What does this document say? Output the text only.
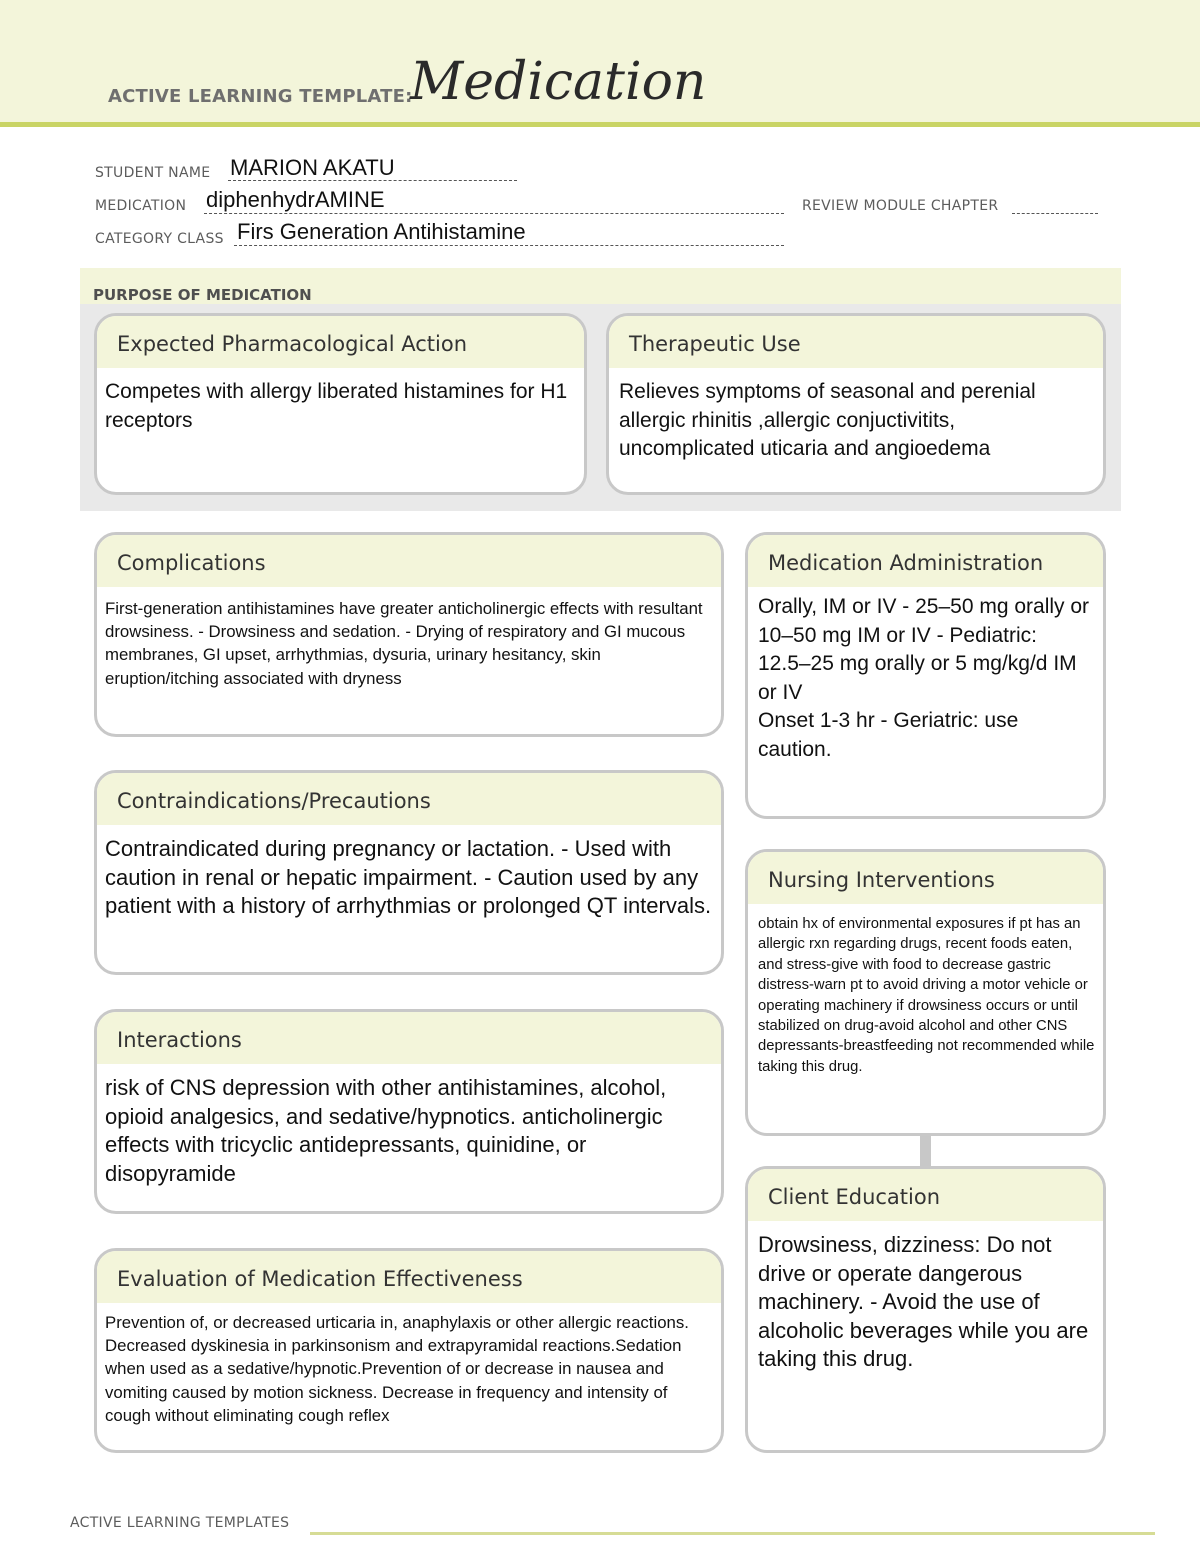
ACTIVE LEARNING TEMPLATE:
Medication
STUDENT NAME MARION AKATU
MEDICATION diphenhydrAMINE	REVIEW MODULE CHAPTER
CATEGORY CLASS Firs Generation Antihistamine
PURPOSE OF MEDICATION
Expected Pharmacological Action
Competes with allergy liberated histamines for H1 receptors
Therapeutic Use
Relieves symptoms of seasonal and perenial allergic rhinitis ,allergic conjuctivitits, uncomplicated uticaria and angioedema
Complications
First-generation antihistamines have greater anticholinergic effects with resultant drowsiness. - Drowsiness and sedation. - Drying of respiratory and GI mucous membranes, GI upset, arrhythmias, dysuria, urinary hesitancy, skin eruption/itching associated with dryness
Contraindications/Precautions
Contraindicated during pregnancy or lactation. - Used with caution in renal or hepatic impairment. - Caution used by any patient with a history of arrhythmias or prolonged QT intervals.
Interactions
risk of CNS depression with other antihistamines, alcohol, opioid analgesics, and sedative/hypnotics. anticholinergic effects with tricyclic antidepressants, quinidine, or disopyramide
Evaluation of Medication Effectiveness
Prevention of, or decreased urticaria in, anaphylaxis or other allergic reactions. Decreased dyskinesia in parkinsonism and extrapyramidal reactions.Sedation when used as a sedative/hypnotic.Prevention of or decrease in nausea and vomiting caused by motion sickness. Decrease in frequency and intensity of cough without eliminating cough reflex
Medication Administration
Orally, IM or IV - 25–50 mg orally or 10–50 mg IM or IV - Pediatric: 12.5–25 mg orally or 5 mg/kg/d IM or IV
Onset 1-3 hr - Geriatric: use caution.
Nursing Interventions
obtain hx of environmental exposures if pt has an allergic rxn regarding drugs, recent foods eaten, and stress-give with food to decrease gastric distress-warn pt to avoid driving a motor vehicle or operating machinery if drowsiness occurs or until stabilized on drug-avoid alcohol and other CNS depressants-breastfeeding not recommended while taking this drug.
Client Education
Drowsiness, dizziness: Do not drive or operate dangerous machinery. - Avoid the use of alcoholic beverages while you are taking this drug.
ACTIVE LEARNING TEMPLATES
